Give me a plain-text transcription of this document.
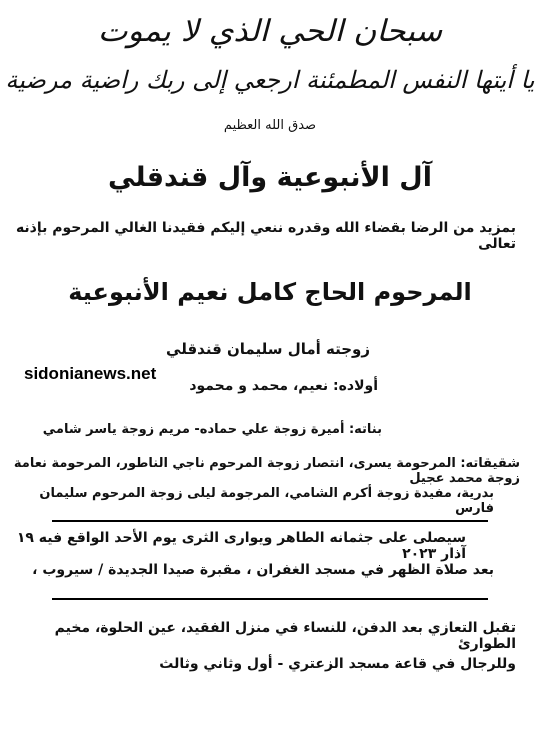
سبحان الحي الذي لا يموت
يا أيتها النفس المطمئنة ارجعي إلى ربك راضية مرضية
صدق الله العظيم
آل الأنبوعية وآل قندقلي
بمزيد من الرضا بقضاء الله وقدره ننعي إليكم فقيدنا الغالي المرحوم بإذنه تعالى
المرحوم الحاج كامل نعيم الأنبوعية
زوجته أمال سليمان قندقلي
sidonianews.net
أولاده: نعيم، محمد و محمود
بناته: أميرة زوجة علي حماده- مريم زوجة ياسر شامي
شقيقاته: المرحومة يسرى، انتصار زوجة المرحوم ناجي الناطور، المرحومة نعامة زوجة محمد عجيل
بدرية، مفيدة زوجة أكرم الشامي، المرجومة ليلى زوجة المرحوم سليمان فارس
سيصلى على جثمانه الطاهر ويوارى الثرى يوم الأحد الواقع فيه ١٩ آذار ٢٠٢٣
بعد صلاة الظهر في مسجد الغفران ، مقبرة صيدا الجديدة / سيروب ،
تقبل التعازي بعد الدفن، للنساء في منزل الفقيد، عين الحلوة، مخيم الطوارئ
وللرجال في قاعة مسجد الزعتري - أول وثاني وثالث
